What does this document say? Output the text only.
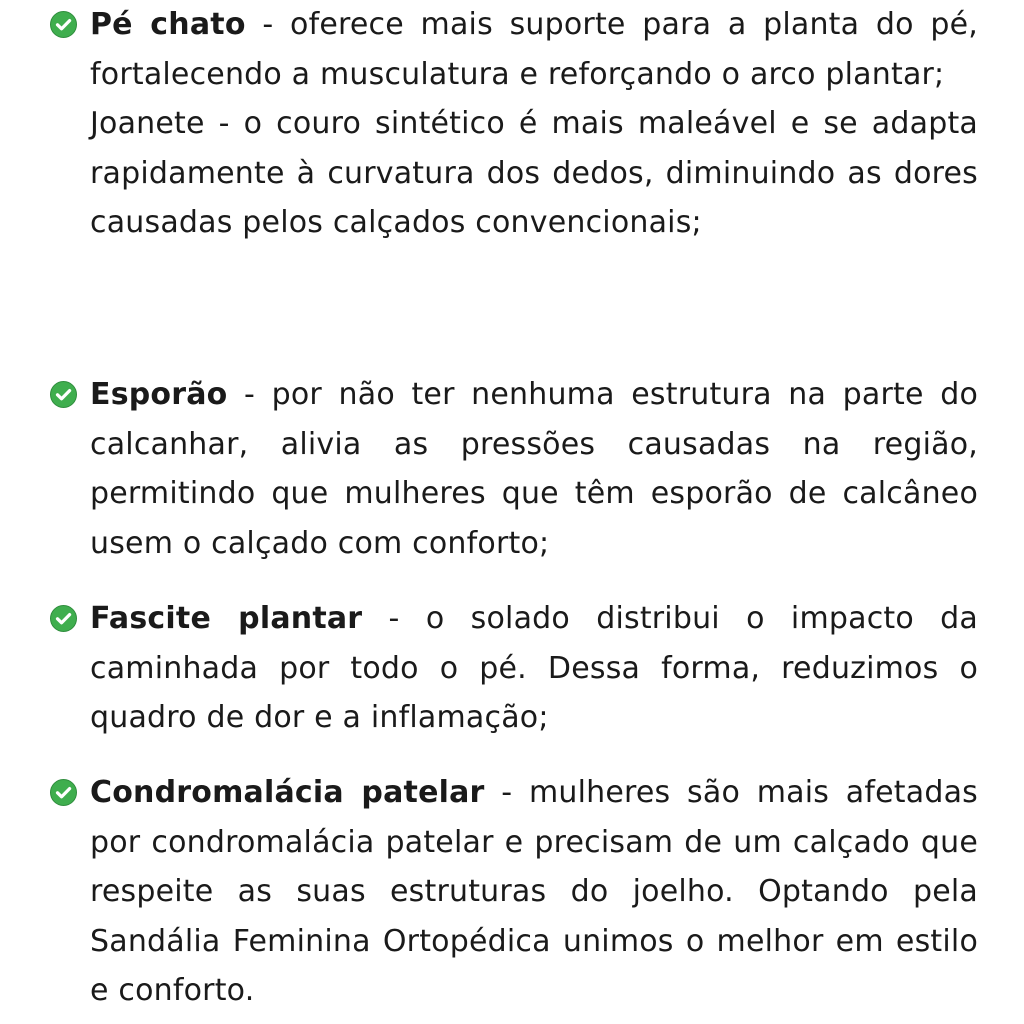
Pé chato - oferece mais suporte para a planta do pé, fortalecendo a musculatura e reforçando o arco plantar;

Joanete - o couro sintético é mais maleável e se adapta rapidamente à curvatura dos dedos, diminuindo as dores causadas pelos calçados convencionais;

Esporão - por não ter nenhuma estrutura na parte do calcanhar, alivia as pressões causadas na região, permitindo que mulheres que têm esporão de calcâneo usem o calçado com conforto;

Fascite plantar - o solado distribui o impacto da caminhada por todo o pé. Dessa forma, reduzimos o quadro de dor e a inflamação;

Condromalácia patelar - mulheres são mais afetadas por condromalácia patelar e precisam de um calçado que respeite as suas estruturas do joelho. Optando pela Sandália Feminina Ortopédica unimos o melhor em estilo e conforto.
